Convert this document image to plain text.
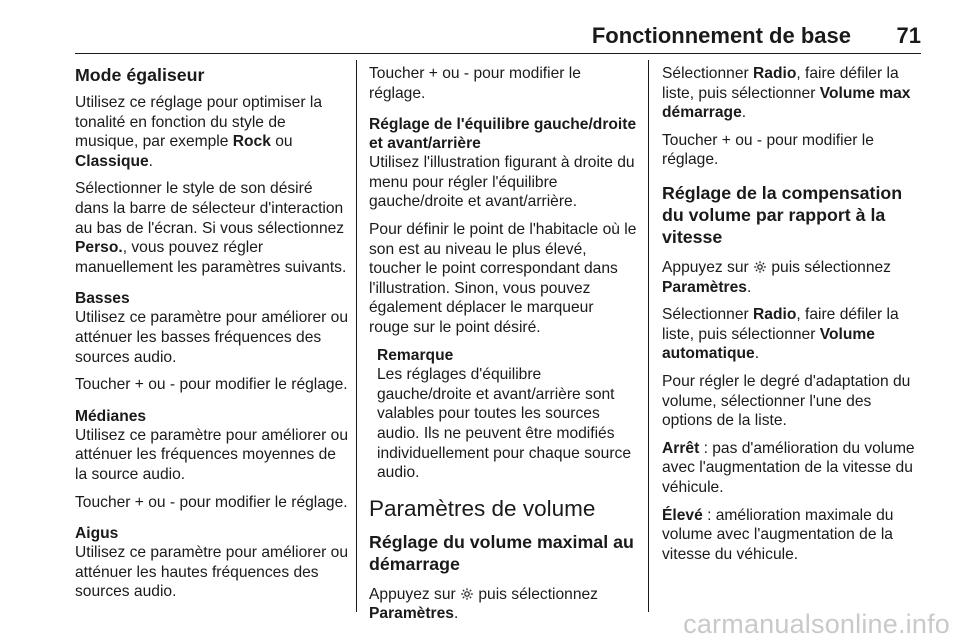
Fonctionnement de base 71
Mode égaliseur

Utilisez ce réglage pour optimiser la tonalité en fonction du style de musique, par exemple Rock ou Classique.

Sélectionner le style de son désiré dans la barre de sélecteur d'interaction au bas de l'écran. Si vous sélectionnez Perso., vous pouvez régler manuellement les paramètres suivants.

Basses

Utilisez ce paramètre pour améliorer ou atténuer les basses fréquences des sources audio.

Toucher + ou - pour modifier le réglage.

Médianes

Utilisez ce paramètre pour améliorer ou atténuer les fréquences moyennes de la source audio.

Toucher + ou - pour modifier le réglage.

Aigus

Utilisez ce paramètre pour améliorer ou atténuer les hautes fréquences des sources audio.

Toucher + ou - pour modifier le réglage.

Réglage de l'équilibre gauche/droite et avant/arrière

Utilisez l'illustration figurant à droite du menu pour régler l'équilibre gauche/droite et avant/arrière.

Pour définir le point de l'habitacle où le son est au niveau le plus élevé, toucher le point correspondant dans l'illustration. Sinon, vous pouvez également déplacer le marqueur rouge sur le point désiré.

Remarque
Les réglages d'équilibre gauche/droite et avant/arrière sont valables pour toutes les sources audio. Ils ne peuvent être modifiés individuellement pour chaque source audio.
Paramètres de volume
Réglage du volume maximal au démarrage

Appuyez sur  puis sélectionnez
Paramètres.

Sélectionner Radio, faire défiler la liste, puis sélectionner Volume max démarrage.

Toucher + ou - pour modifier le réglage.

Réglage de la compensation du volume par rapport à la vitesse

Appuyez sur  puis sélectionnez
Paramètres.

Sélectionner Radio, faire défiler la liste, puis sélectionner Volume automatique.

Pour régler le degré d'adaptation du volume, sélectionner l'une des options de la liste.

Arrêt : pas d'amélioration du volume avec l'augmentation de la vitesse du véhicule.

Élevé : amélioration maximale du volume avec l'augmentation de la vitesse du véhicule.

carmanualsonline.info
